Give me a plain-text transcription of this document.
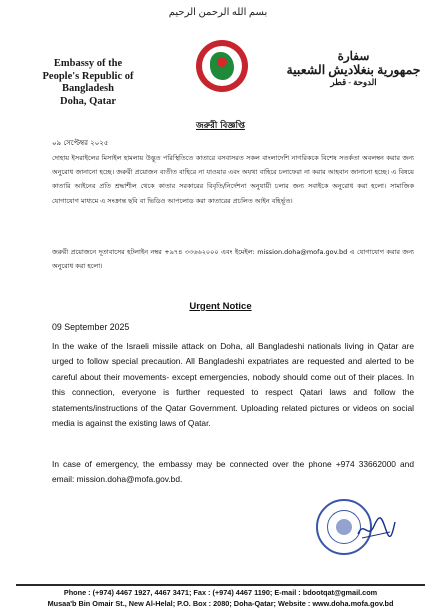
بسم الله الرحمن الرحيم
Embassy of the
People's Republic of Bangladesh
Doha, Qatar
سفارة
جمهورية بنغلاديش الشعبية
الدوحة - قطر
জরুরী বিজ্ঞপ্তি
০৯ সেপ্টেম্বর ২০২৫
দোহায় ইসরাইলের মিসাইল হামলায় উদ্ভূত পরিস্থিতিতে কাতারে বসবাসরত সকল বাংলাদেশি নাগরিককে বিশেষ সতর্কতা অবলম্বন করার জন্য অনুরোধ জানানো হচ্ছে। জরুরী প্রয়োজন ব্যতীত বাহিরে না যাওয়ার এবং অযথা বাহিরে চলাফেরা না করার আহবান জানানো হচ্ছে। এ বিষয়ে কাতারি আইনের প্রতি শ্রদ্ধাশীল থেকে কাতার সরকারের বিবৃতি/নির্দেশনা অনুযায়ী চলার জন্য সবাইকে অনুরোধ করা হলো। সামাজিক যোগাযোগ মাধ্যমে এ সংক্রান্ত ছবি বা ভিডিও আপলোড করা কাতারের প্রচলিত আইন বহির্ভূত।
জরুরী প্রয়োজনে দূতাবাসের হটলাইন নম্বর +৯৭৪ ৩৩৬৬২০০০ এবং ইমেইল: mission.doha@mofa.gov.bd এ যোগাযোগ করার জন্য অনুরোধ করা হলো।
Urgent Notice
09 September 2025
In the wake of the Israeli missile attack on Doha, all Bangladeshi nationals living in Qatar are urged to follow special precaution. All Bangladeshi expatriates are requested and alerted to be careful about their movements- except emergencies, nobody should come out of their places. In this connection, everyone is further requested to respect Qatari laws and follow the statements/instructions of the Qatar Government. Uploading related pictures or videos on social media is against the existing laws of Qatar.
In case of emergency, the embassy may be connected over the phone +974 33662000 and email: mission.doha@mofa.gov.bd.
Phone : (+974) 4467 1927, 4467 3471; Fax : (+974) 4467 1190; E-mail : bdootqat@gmail.com
Musaa'b Bin Omair St., New Al-Helal; P.O. Box : 2080; Doha-Qatar; Website : www.doha.mofa.gov.bd
